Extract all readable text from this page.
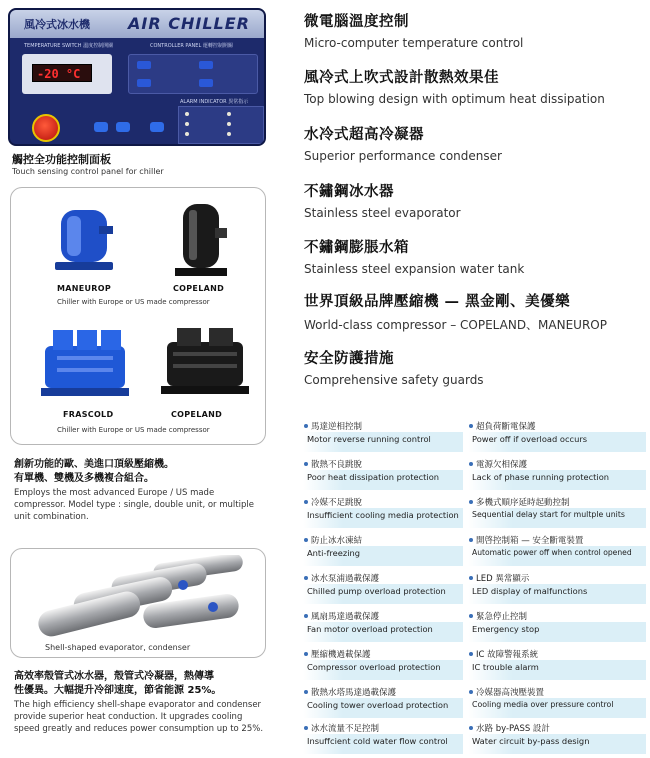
風冷式冰水機 AIR CHILLER
TEMPERATURE SWITCH 溫度控制開關	CONTROLLER PANEL 運轉控制開關
-20 °C
ALARM INDICATOR 異常指示
觸控全功能控制面板
Touch sensing control panel for chiller
MANEUROP	COPELAND
Chiller with Europe or US made compressor
FRASCOLD	COPELAND
Chiller with Europe or US made compressor
創新功能的歐、美進口頂級壓縮機。
有單機、雙機及多機複合組合。
Employs the most advanced Europe / US made compressor. Model type : single, double unit, or multiple unit combination.
Shell-shaped evaporator, condenser
高效率殼管式冰水器，殼管式冷凝器，熱傳導
性優異。大幅提升冷卻速度，節省能源 25%。
The high efficiency shell-shape evaporator and condenser provide superior heat conduction. It upgrades cooling speed greatly and reduces power consumption up to 25%.
微電腦溫度控制
Micro-computer temperature control
風冷式上吹式設計散熱效果佳
Top blowing design with optimum heat dissipation
水冷式超高冷凝器
Superior performance condenser
不鏽鋼冰水器
Stainless steel evaporator
不鏽鋼膨脹水箱
Stainless steel expansion water tank
世界頂級品牌壓縮機 — 黑金剛、美優樂
World-class compressor – COPELAND、MANEUROP
安全防護措施
Comprehensive safety guards
馬達逆相控制
Motor reverse running control
散熱不良跳脫
Poor heat dissipation protection
冷媒不足跳脫
Insufficient cooling media protection
防止冰水凍結
Anti-freezing
冰水泵浦過載保護
Chilled pump overload protection
風扇馬達過載保護
Fan motor overload protection
壓縮機過載保護
Compressor overload protection
散熱水塔馬達過載保護
Cooling tower overload protection
冰水流量不足控制
Insuffcient cold water flow control
超負荷斷電保護
Power off if overload occurs
電源欠相保護
Lack of phase running protection
多機式順序延時起動控制
Sequential delay start for multple units
開啓控制箱 — 安全斷電裝置
Automatic power off when control opened
LED 異常顯示
LED display of malfunctions
緊急停止控制
Emergency stop
IC 故障警報系統
IC trouble alarm
冷媒器高洩壓裝置
Cooling media over pressure control
水路 by-PASS 設計
Water circuit by-pass design
